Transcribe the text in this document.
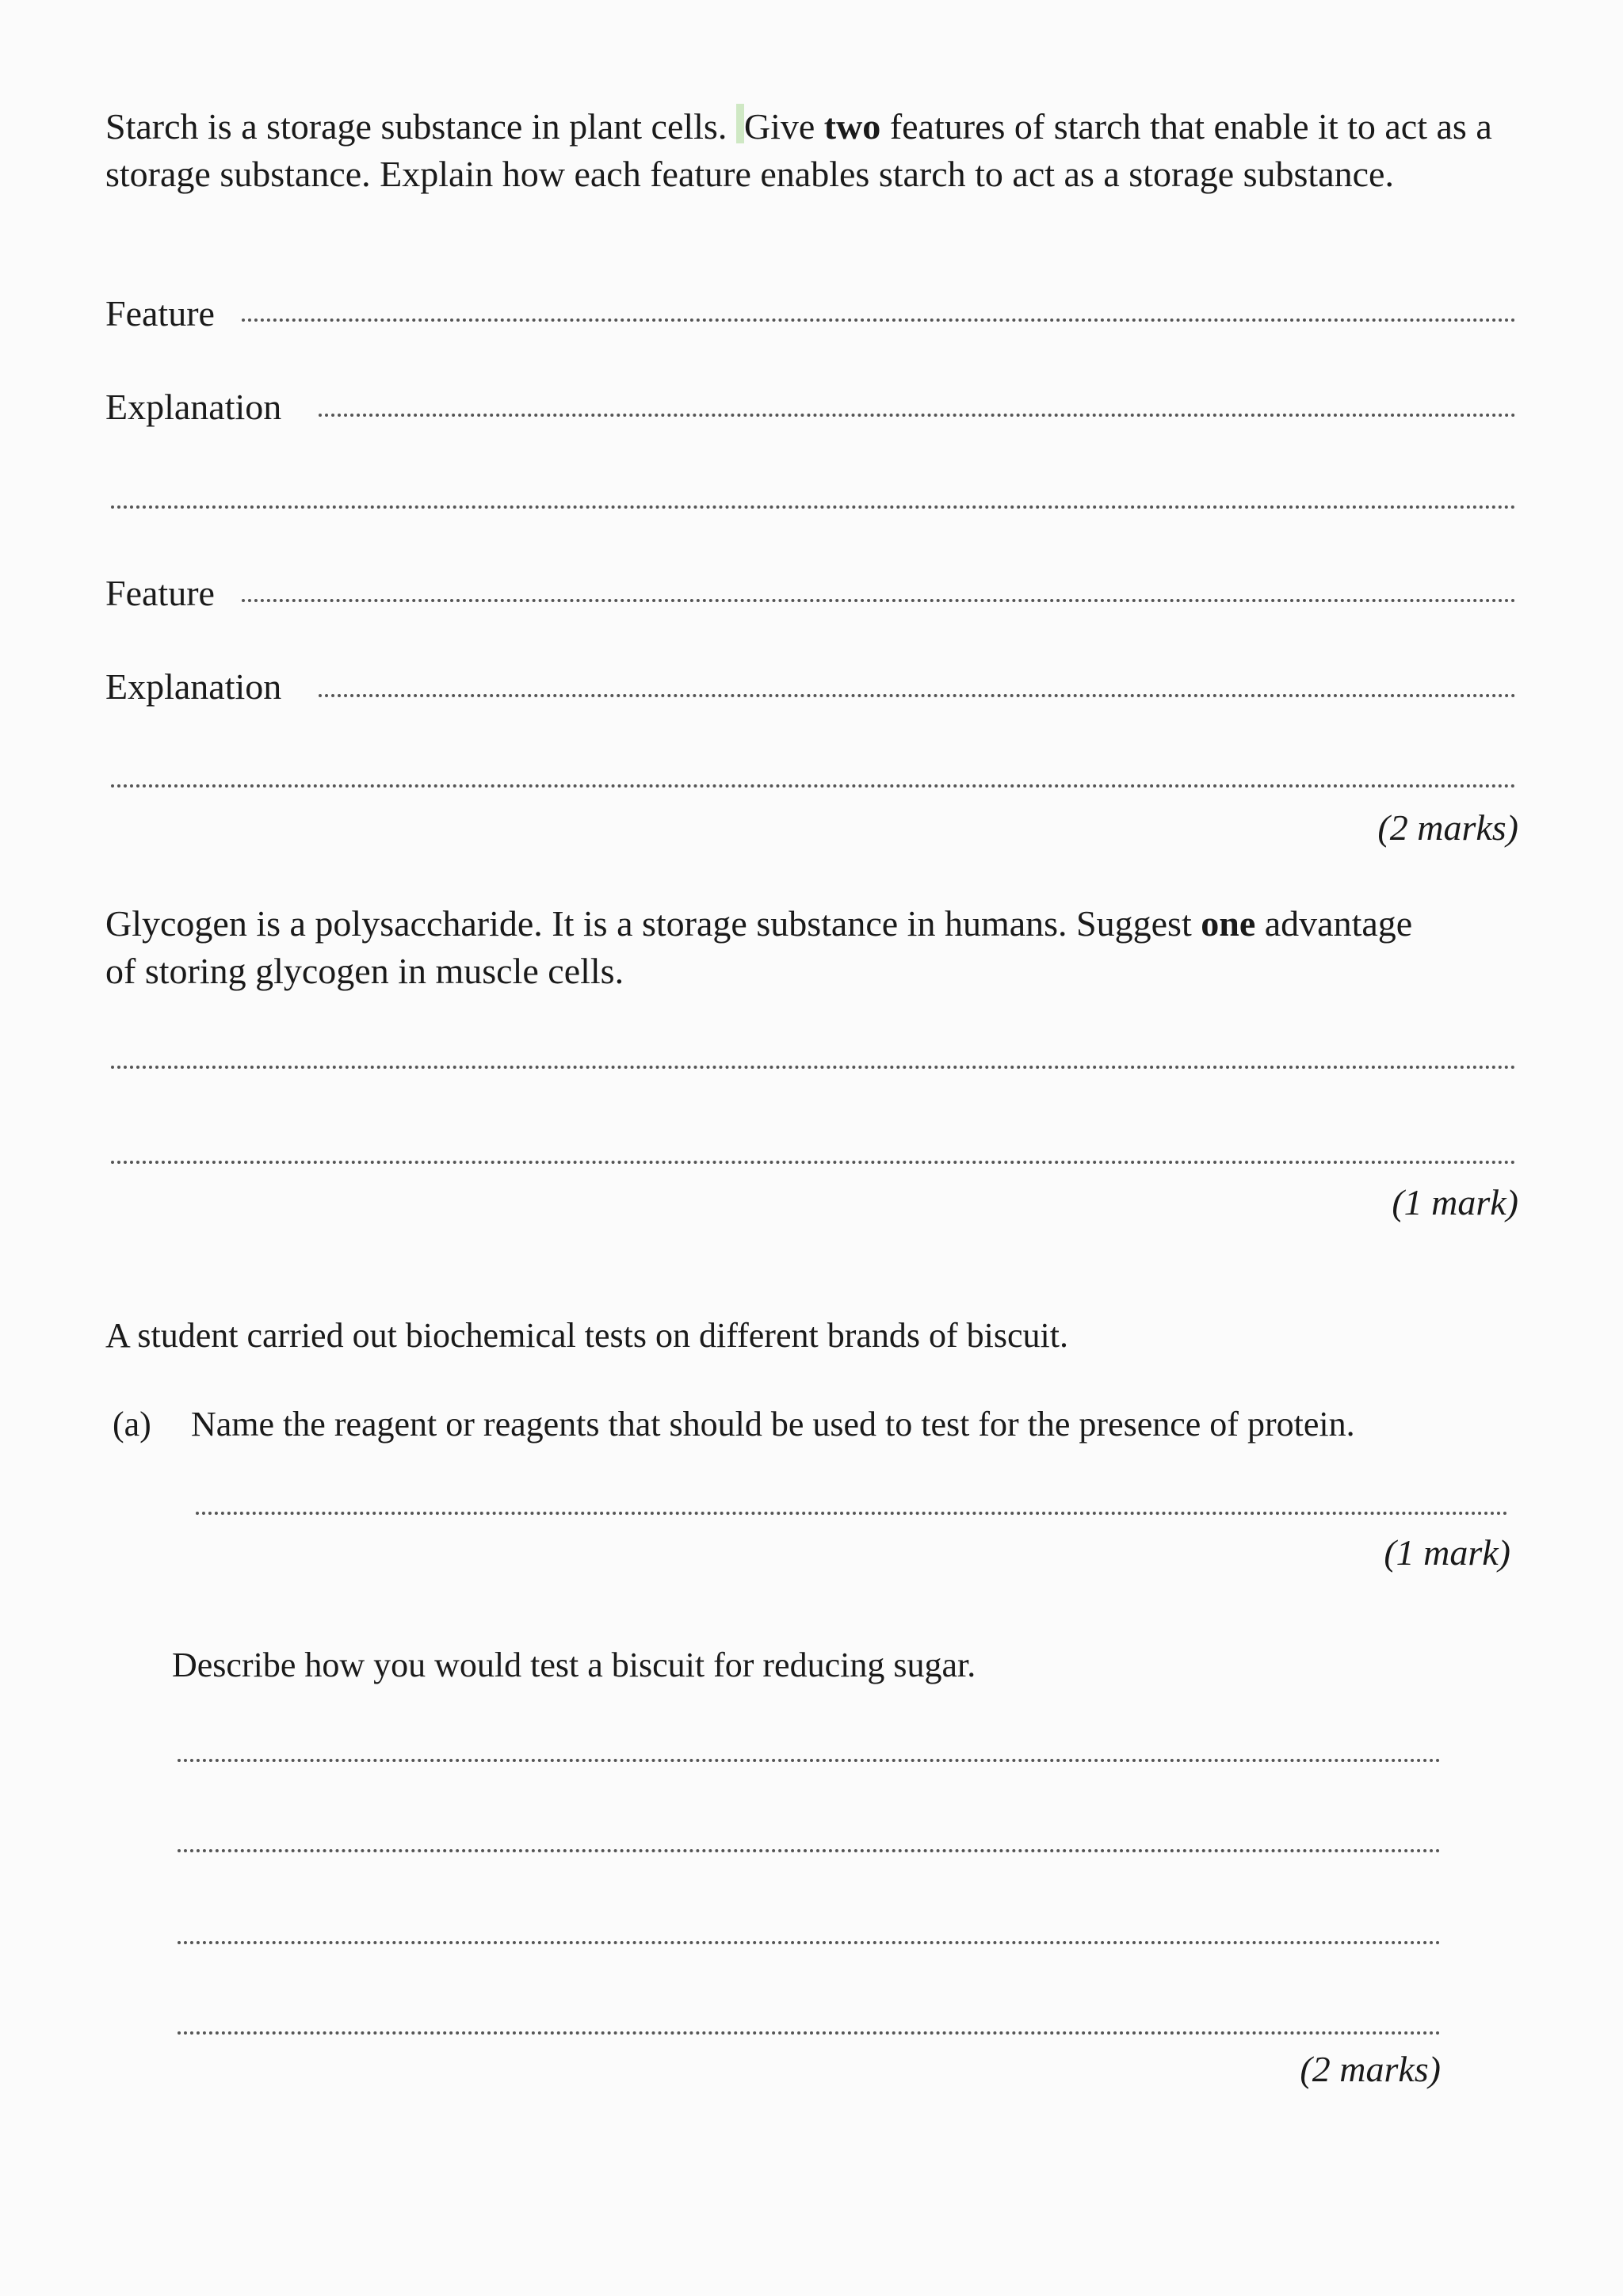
Starch is a storage substance in plant cells. Give two features of starch that enable it to act as a storage substance. Explain how each feature enables starch to act as a storage substance.

Feature
Explanation
Feature
Explanation
(2 marks)

Glycogen is a polysaccharide. It is a storage substance in humans. Suggest one advantage of storing glycogen in muscle cells.

(1 mark)
A student carried out biochemical tests on different brands of biscuit.
(a) Name the reagent or reagents that should be used to test for the presence of protein.
(1 mark)
Describe how you would test a biscuit for reducing sugar.
(2 marks)
